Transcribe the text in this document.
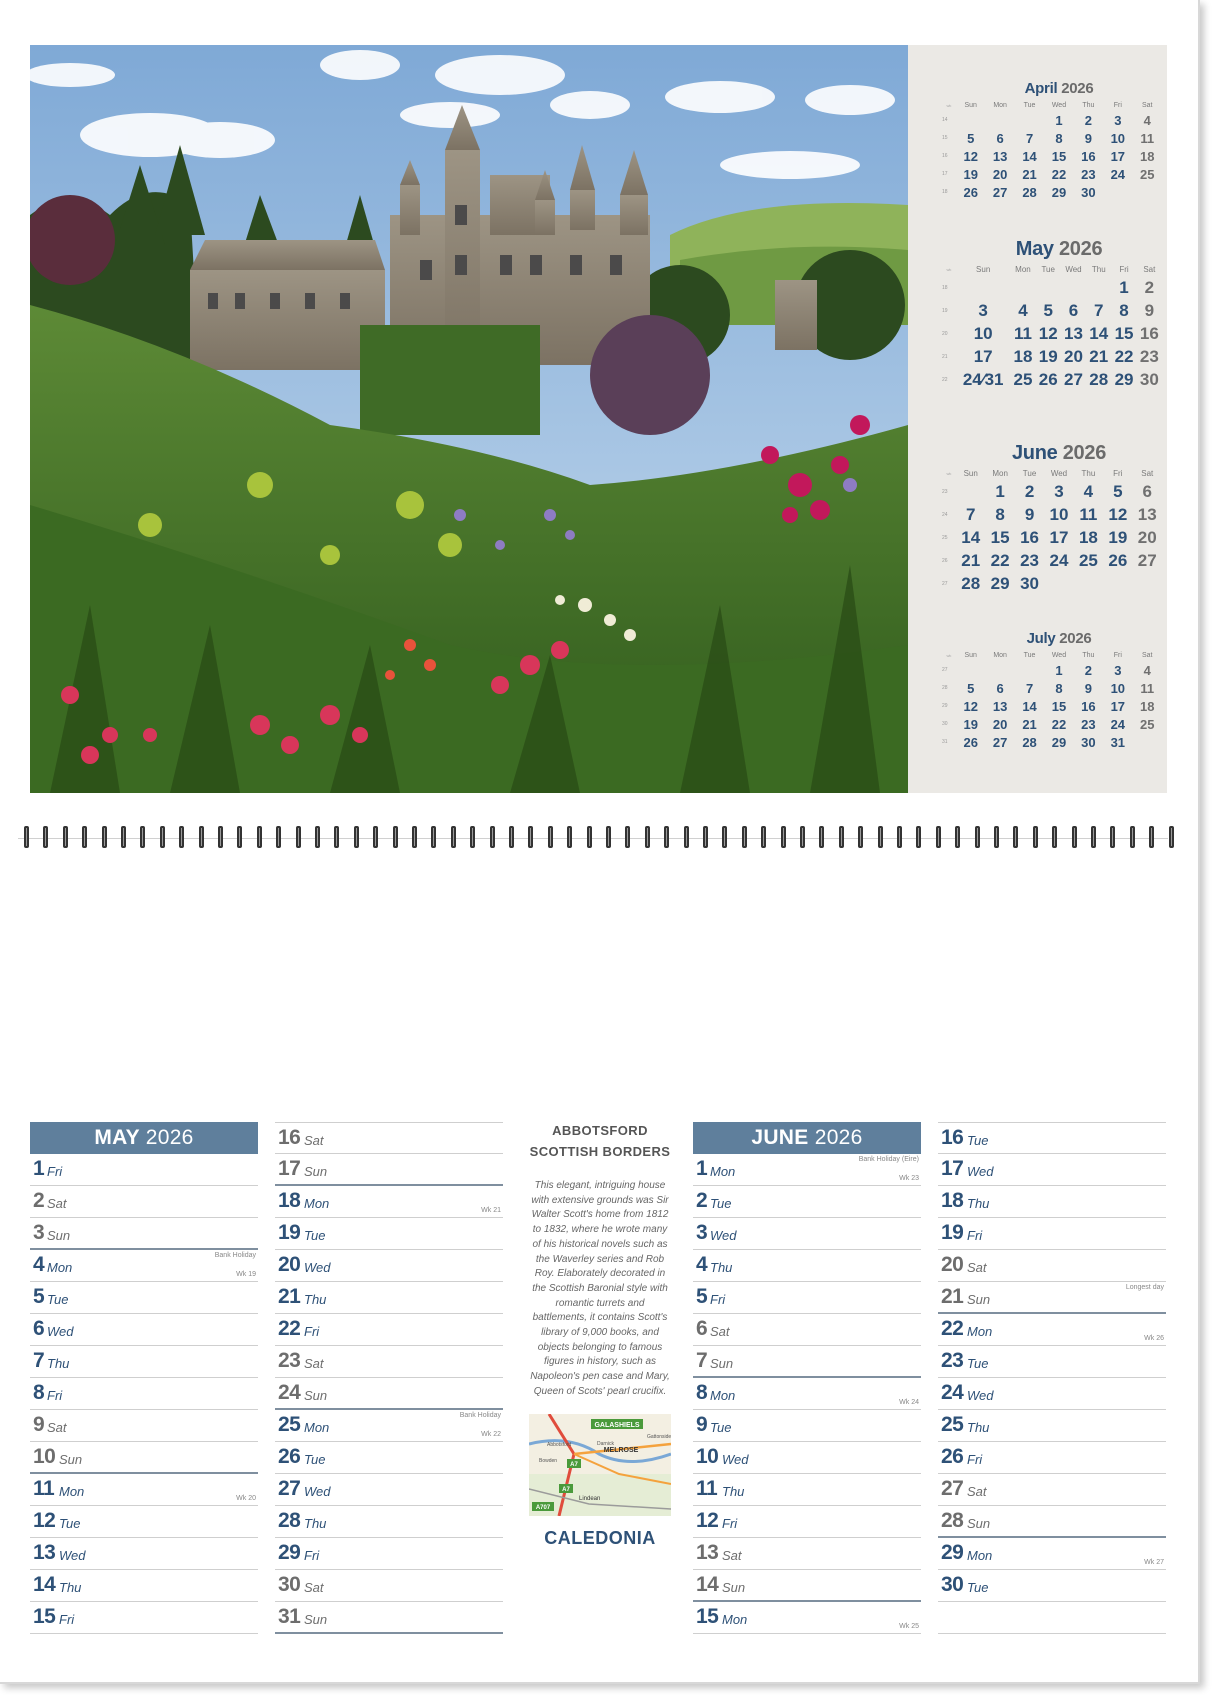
April 2026
wk	Sun	Mon	Tue	Wed	Thu	Fri	Sat
14				1	2	3	4
15	5	6	7	8	9	10	11
16	12	13	14	15	16	17	18
17	19	20	21	22	23	24	25
18	26	27	28	29	30		
May 2026
wk	Sun	Mon	Tue	Wed	Thu	Fri	Sat
18						1	2
19	3	4	5	6	7	8	9
20	10	11	12	13	14	15	16
21	17	18	19	20	21	22	23
22	24⁄31	25	26	27	28	29	30
June 2026
wk	Sun	Mon	Tue	Wed	Thu	Fri	Sat
23		1	2	3	4	5	6
24	7	8	9	10	11	12	13
25	14	15	16	17	18	19	20
26	21	22	23	24	25	26	27
27	28	29	30				
July 2026
wk	Sun	Mon	Tue	Wed	Thu	Fri	Sat
27				1	2	3	4
28	5	6	7	8	9	10	11
29	12	13	14	15	16	17	18
30	19	20	21	22	23	24	25
31	26	27	28	29	30	31	
MAY 2026
1 Fri
2 Sat
3 Sun
4 Mon
Bank Holiday
Wk 19
5 Tue
6 Wed
7 Thu
8 Fri
9 Sat
10 Sun
11 Mon	Wk 20
12 Tue
13 Wed
14 Thu
15 Fri
16 Sat
17 Sun
18 Mon	Wk 21
19 Tue
20 Wed
21 Thu
22 Fri
23 Sat
24 Sun
25 Mon
Bank Holiday
Wk 22
26 Tue
27 Wed
28 Thu
29 Fri
30 Sat
31 Sun
JUNE 2026
1 Mon
Bank Holiday (Eire)
Wk 23
2 Tue
3 Wed
4 Thu
5 Fri
6 Sat
7 Sun
8 Mon	Wk 24
9 Tue
10 Wed
11 Thu
12 Fri
13 Sat
14 Sun
15 Mon	Wk 25
16 Tue
17 Wed
18 Thu
19 Fri
20 Sat
21 Sun
Longest day
22 Mon	Wk 26
23 Tue
24 Wed
25 Thu
26 Fri
27 Sat
28 Sun
29 Mon	Wk 27
30 Tue
ABBOTSFORD
SCOTTISH BORDERS
This elegant, intriguing house with extensive grounds was Sir Walter Scott's home from 1812 to 1832, where he wrote many of his historical novels such as the Waverley series and Rob Roy. Elaborately decorated in the Scottish Baronial style with romantic turrets and battlements, it contains Scott's library of 9,000 books, and objects belonging to famous figures in history, such as Napoleon's pen case and Mary, Queen of Scots' pearl crucifix.
GALASHIELS
MELROSE
Gattonside
Darnick
Abbotsford
Bowden
Lindean
A7
A7
A707
CALEDONIA
